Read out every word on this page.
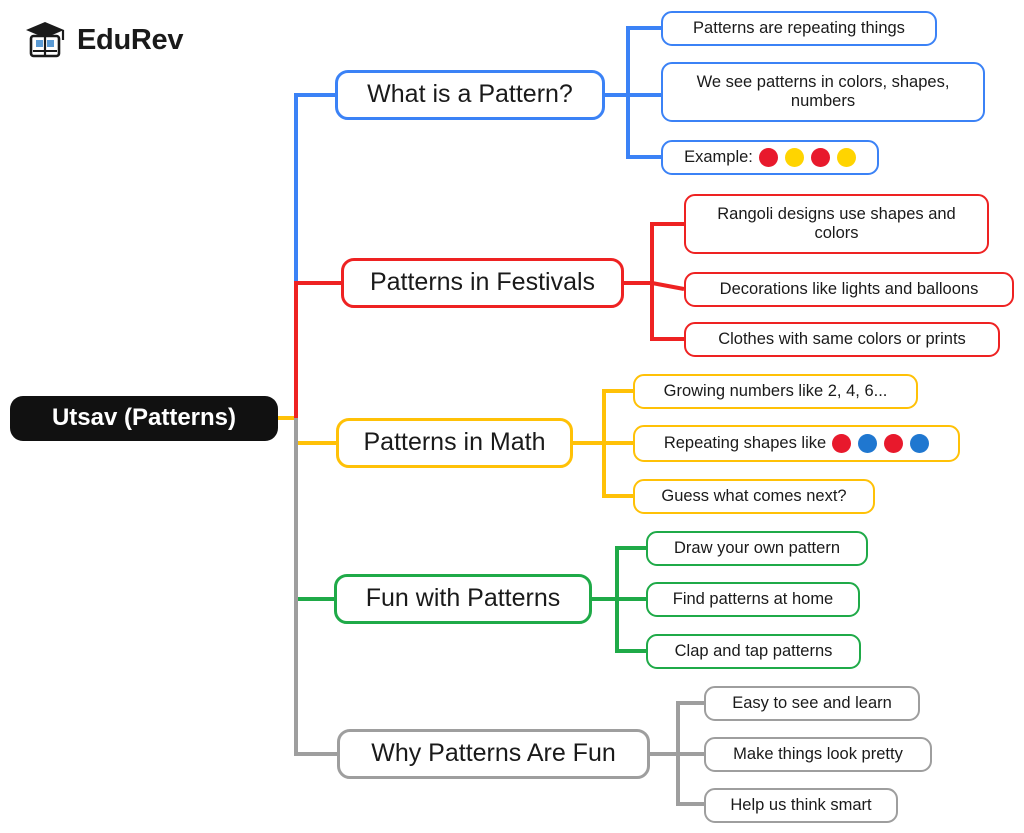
EduRev
Utsav (Patterns)
What is a Pattern?
Patterns are repeating things
We see patterns in colors, shapes, numbers
Example:
Patterns in Festivals
Rangoli designs use shapes and colors
Decorations like lights and balloons
Clothes with same colors or prints
Patterns in Math
Growing numbers like 2, 4, 6...
Repeating shapes like
Guess what comes next?
Fun with Patterns
Draw your own pattern
Find patterns at home
Clap and tap patterns
Why Patterns Are Fun
Easy to see and learn
Make things look pretty
Help us think smart
